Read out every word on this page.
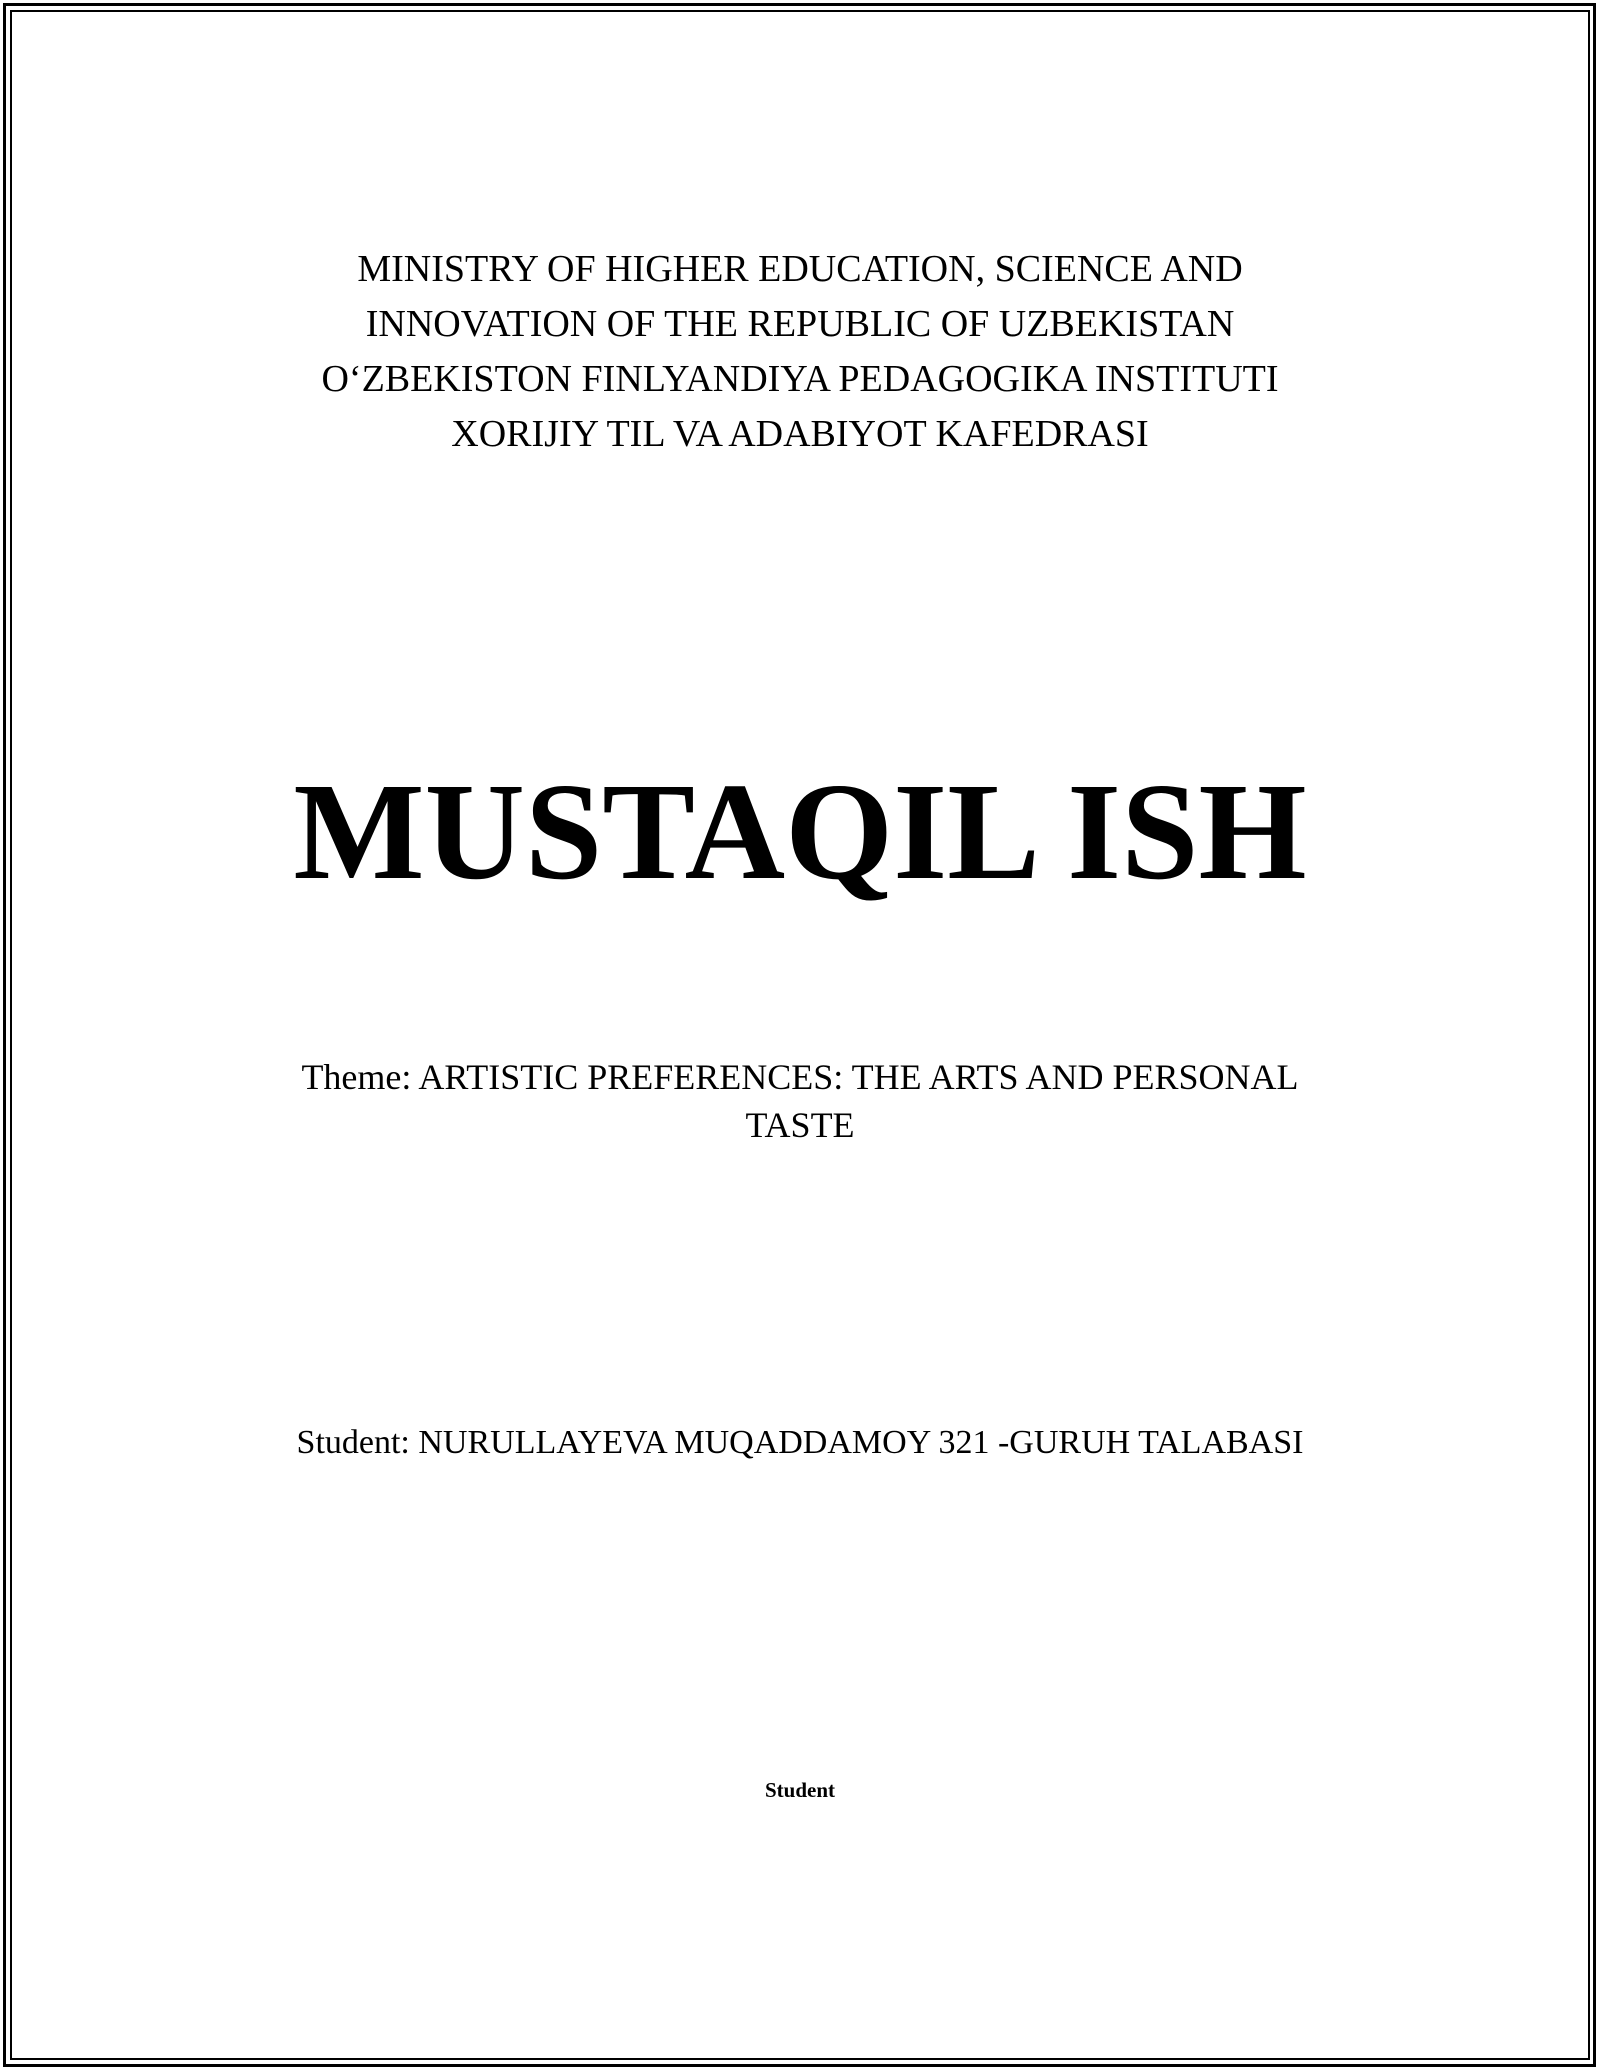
MINISTRY OF HIGHER EDUCATION, SCIENCE AND
INNOVATION OF THE REPUBLIC OF UZBEKISTAN
O‘ZBEKISTON FINLYANDIYA PEDAGOGIKA INSTITUTI
XORIJIY TIL VA ADABIYOT KAFEDRASI
MUSTAQIL ISH
Theme: ARTISTIC PREFERENCES: THE ARTS AND PERSONAL
TASTE
Student: NURULLAYEVA MUQADDAMOY 321 -GURUH TALABASI
Student
